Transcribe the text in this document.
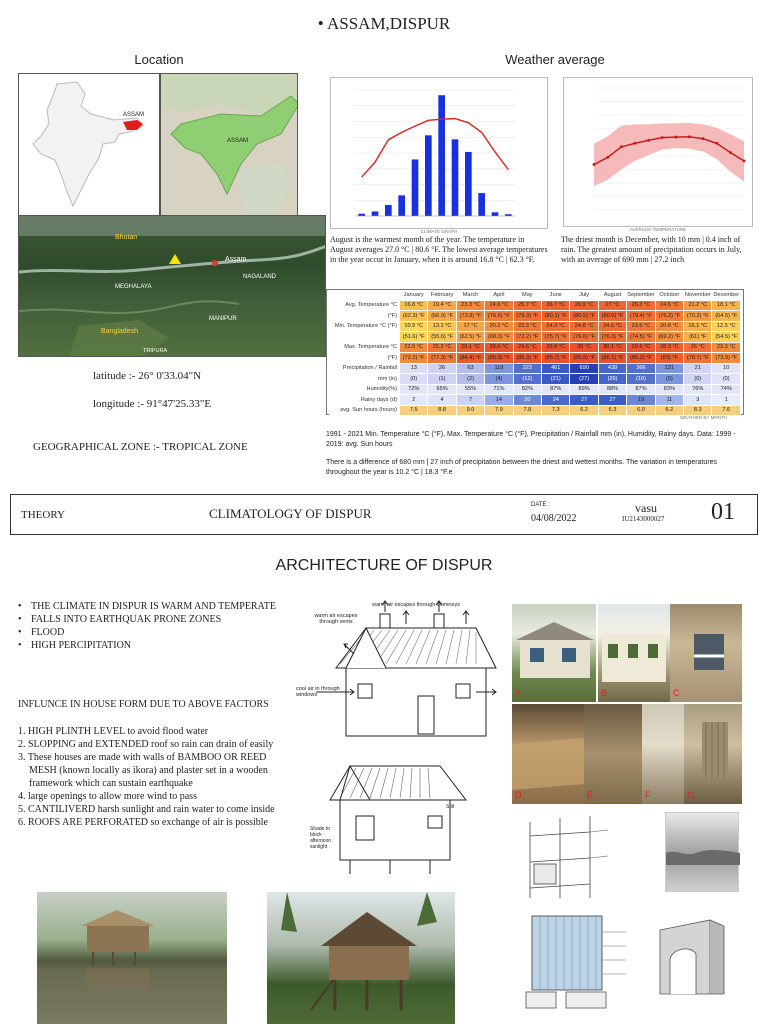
• ASSAM,DISPUR
Location	Weather average
ASSAM
ASSAM
Bhutan
Assam
NAGALAND
MEGHALAYA
MANIPUR
Bangladesh
TRIPURA
latitude :- 26° 0'33.04"N
longitude :- 91°47'25.33"E
GEOGRAPHICAL ZONE :- TROPICAL ZONE
CLIMATE GRAPH	AVERAGE TEMPERATURE
August is the warmest month of the year. The temperature in August averages 27.0 °C | 80.6 °F. The lowest average temperatures in the year occur in January, when it is around 16.8 °C | 62.3 °F.
The driest month is December, with 10 mm | 0.4 inch of rain. The greatest amount of precipitation occurs in July, with an average of 690 mm | 27.2 inch
	January	February	March	April	May	June	July	August	September	October	November	December
Avg. Temperature °C	16.8 °C	19.4 °C	23.3 °C	24.6 °C	25.7 °C	26.7 °C	26.9 °C	27 °C	26.3 °C	24.6 °C	21.2 °C	18.1 °C
(°F)	(62.3) °F	(66.9) °F	(73.9) °F	(76.6) °F	(78.3) °F	(80.1) °F	(80.5) °F	(80.6) °F	(79.4) °F	(76.2) °F	(70.2) °F	(64.5) °F
Min. Temperature °C (°F)	10.9 °C	13.1 °C	17 °C	20.2 °C	22.3 °C	24.3 °C	24.8 °C	24.6 °C	23.6 °C	20.8 °C	16.1 °C	12.5 °C
	(51.6) °F	(55.6) °F	(62.5) °F	(68.3) °F	(72.2) °F	(75.7) °F	(76.6) °F	(76.3) °F	(74.5) °F	(69.2) °F	(61) °F	(54.5) °F
Max. Temperature °C	22.5 °C	25.2 °C	29.1 °C	29.6 °C	29.6 °C	29.9 °C	30 °C	30.1 °C	29.6 °C	28.3 °C	26 °C	23.3 °C
(°F)	(72.2) °F	(77.3) °F	(84.4) °F	(85.3) °F	(85.3) °F	(85.7) °F	(85.9) °F	(86.1) °F	(85.2) °F	(83) °F	(78.7) °F	(73.9) °F
Precipitation / Rainfall	13	26	63	118	323	461	690	438	366	131	21	10
mm (in)	(0)	(1)	(2)	(4)	(12)	(21)	(27)	(26)	(16)	(5)	(0)	(0)
Humidity(%)	72%	65%	55%	71%	82%	87%	89%	88%	87%	83%	76%	74%
Rainy days (d)	2	4	7	14	20	24	27	27	19	11	3	1
avg. Sun hours (hours)	7.5	8.8	9.0	7.9	7.8	7.3	6.2	6.3	6.0	6.2	8.3	7.6
WEATHER BY MONTH
1991 - 2021 Min. Temperature °C (°F), Max. Temperature °C (°F), Precipitation / Rainfall mm (in), Humidity, Rainy days. Data: 1999 - 2019: avg. Sun hours
There is a difference of 680 mm | 27 inch of precipitation between the driest and wettest months. The variation in temperatures throughout the year is 10.2 °C | 18.3 °F.e
THEORY	CLIMATOLOGY OF DISPUR
DATE :
04/08/2022
vasu
IU2143000027 01
ARCHITECTURE OF DISPUR
• THE CLIMATE IN DISPUR IS WARM AND TEMPERATE
• FALLS INTO EARTHQUAK PRONE ZONES
• FLOOD
• HIGH PERCIPITATION
INFLUNCE IN HOUSE FORM DUE TO ABOVE FACTORS
1. HIGH PLINTH LEVEL to avoid flood water
2. SLOPPING and EXTENDED roof so rain can drain of easily
3. These houses are made with walls of BAMBOO OR REED MESH (known locally as ikora) and plaster set in a wooden framework which can sustain earthquake
4. large openings to allow more wind to pass
5. CANTILIVERD harsh sunlight and rain water to come inside
6. ROOFS ARE PERFORATED so exchange of air is possible
warm air escapes through chimneys
warm air escapes through vents
cool air in through windows
Shade to block afternoon sunlight
Stilt
A	B	C
D	E	F	G
